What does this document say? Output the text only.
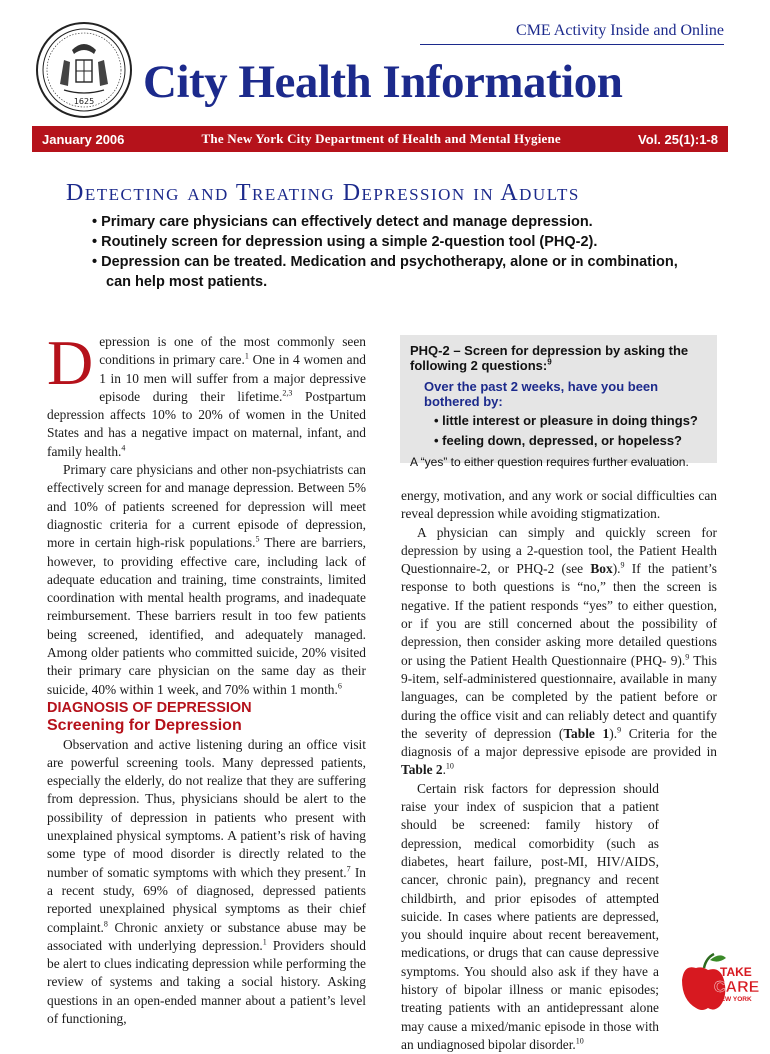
1625
CME Activity Inside and Online
City Health Information
January 2006	The New York City Department of Health and Mental Hygiene	Vol. 25(1):1-8
Detecting and Treating Depression in Adults
• Primary care physicians can effectively detect and manage depression.
• Routinely screen for depression using a simple 2-question tool (PHQ-2).
• Depression can be treated. Medication and psychotherapy, alone or in combination, can help most patients.

Depression is one of the most commonly seen conditions in primary care.$^1$ One in 4 women and 1 in 10 men will suffer from a major depressive episode during their lifetime.$^{2,3}$ Postpartum depression affects 10% to 20% of women in the United States and has a negative impact on maternal, infant, and family health.$^4$

Primary care physicians and other non-psychiatrists can effectively screen for and manage depression. Between 5% and 10% of patients screened for depression will meet diagnostic criteria for a current episode of depression, more in certain high-risk populations.$^5$ There are barriers, however, to providing effective care, including lack of adequate education and training, time constraints, limited coordination with mental health programs, and inadequate reimbursement. These barriers result in too few patients being screened, identified, and adequately managed. Among older patients who committed suicide, 20% visited their primary care physician on the same day as their suicide, 40% within 1 week, and 70% within 1 month.$^6$

DIAGNOSIS OF DEPRESSION

Screening for Depression

Observation and active listening during an office visit are powerful screening tools. Many depressed patients, especially the elderly, do not realize that they are suffering from depression. Thus, physicians should be alert to the possibility of depression in patients who present with unexplained physical symptoms. A patient’s risk of having some type of mood disorder is directly related to the number of somatic symptoms with which they present.$^7$ In a recent study, 69% of diagnosed, depressed patients reported unexplained physical symptoms as their chief complaint.$^8$ Chronic anxiety or substance abuse may be associated with underlying depression.$^1$ Providers should be alert to clues indicating depression while performing the review of systems and taking a social history. Asking questions in an open-ended manner about a patient’s level of functioning,

PHQ-2 – Screen for depression by asking the following 2 questions:$^9$
Over the past 2 weeks, have you been bothered by:
• little interest or pleasure in doing things?
• feeling down, depressed, or hopeless?
A “yes” to either question requires further evaluation.

energy, motivation, and any work or social difficulties can reveal depression while avoiding stigmatization.

A physician can simply and quickly screen for depression by using a 2-question tool, the Patient Health Questionnaire-2, or PHQ-2 (see Box).$^9$ If the patient’s response to both questions is “no,” then the screen is negative. If the patient responds “yes” to either question, or if you are still concerned about the possibility of depression, then consider asking more detailed questions or using the Patient Health Questionnaire (PHQ- 9).$^9$ This 9-item, self-administered questionnaire, available in many languages, can be completed by the patient before or during the office visit and can reliably detect and quantify the severity of depression (Table 1).$^9$ Criteria for the diagnosis of a major depressive episode are provided in Table 2.10

Certain risk factors for depression should raise your index of suspicion that a patient should be screened: family history of depression, medical comorbidity (such as diabetes, heart failure, post-MI, HIV/AIDS, cancer, chronic pain), pregnancy and recent childbirth, and prior episodes of attempted suicide. In cases where patients are depressed, you should inquire about recent bereavement, medications, or drugs that can cause depressive symptoms. You should also ask if they have a history of bipolar illness or manic episodes; treating patients with an antidepressant alone may cause a mixed/manic episode in those with an undiagnosed bipolar disorder.$^{10}$

TAKE
CARE
NEW YORK
